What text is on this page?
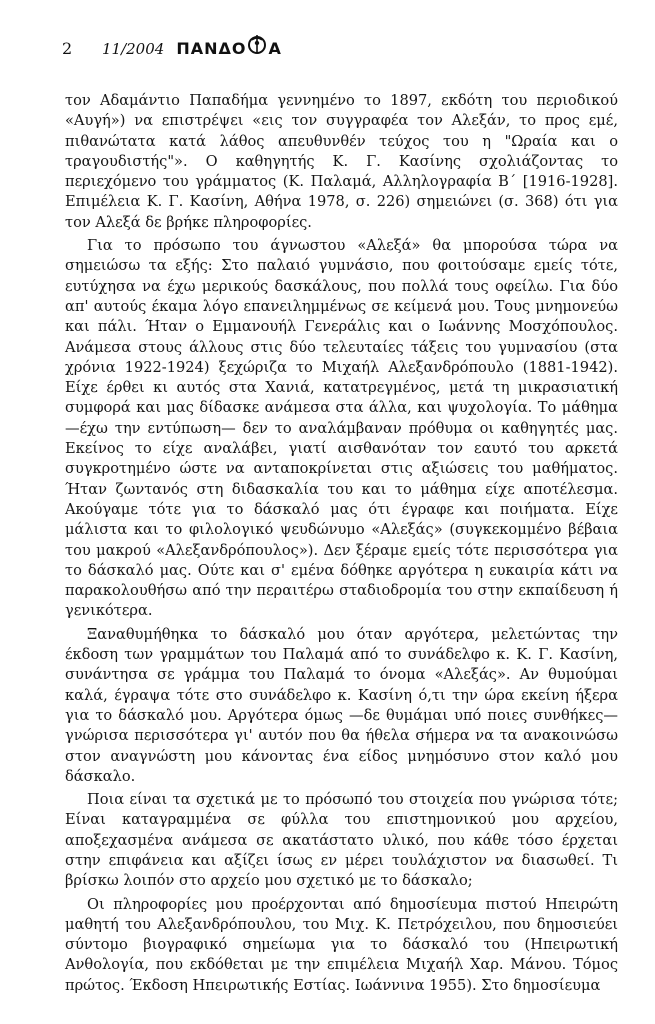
2	11/2004 ΠΑΝΔΟ Α

τον Αδαμάντιο Παπαδήμα γεννημένο το 1897, εκδότη του περιοδικού «Αυγή») να επιστρέψει «εις τον συγγραφέα τον Αλεξάν, το προς εμέ, πιθανώτατα κατά λάθος απευθυνθέν τεύχος του η "Ωραία και ο τραγουδιστής"». Ο καθηγητής Κ. Γ. Κασίνης σχολιάζοντας το περιεχόμενο του γράμματος (Κ. Παλαμά, Αλληλογραφία Β΄ [1916-1928]. Επιμέλεια Κ. Γ. Κασίνη, Αθήνα 1978, σ. 226) σημειώνει (σ. 368) ότι για τον Αλεξά δε βρήκε πληροφορίες.

Για το πρόσωπο του άγνωστου «Αλεξά» θα μπορούσα τώρα να σημειώσω τα εξής: Στο παλαιό γυμνάσιο, που φοιτούσαμε εμείς τότε, ευτύχησα να έχω μερικούς δασκάλους, που πολλά τους οφείλω. Για δύο απ' αυτούς έκαμα λόγο επανειλημμένως σε κείμενά μου. Τους μνημονεύω και πάλι. Ήταν ο Εμμανουήλ Γενεράλις και ο Ιωάννης Μοσχόπουλος. Ανάμεσα στους άλλους στις δύο τελευταίες τάξεις του γυμνασίου (στα χρόνια 1922-1924) ξεχώριζα το Μιχαήλ Αλεξανδρόπουλο (1881-1942). Είχε έρθει κι αυτός στα Χανιά, κατατρεγμένος, μετά τη μικρασιατική συμφορά και μας δίδασκε ανάμεσα στα άλλα, και ψυχολογία. Το μάθημα —έχω την εντύπωση— δεν το αναλάμβαναν πρόθυμα οι καθηγητές μας. Εκείνος το είχε αναλάβει, γιατί αισθανόταν τον εαυτό του αρκετά συγκροτημένο ώστε να ανταποκρίνεται στις αξιώσεις του μαθήματος. Ήταν ζωντανός στη διδασκαλία του και το μάθημα είχε αποτέλεσμα. Ακούγαμε τότε για το δάσκαλό μας ότι έγραφε και ποιήματα. Είχε μάλιστα και το φιλολογικό ψευδώνυμο «Αλεξάς» (συγκεκομμένο βέβαια του μακρού «Αλεξανδρόπουλος»). Δεν ξέραμε εμείς τότε περισσότερα για το δάσκαλό μας. Ούτε και σ' εμένα δόθηκε αργότερα η ευκαιρία κάτι να παρακολουθήσω από την περαιτέρω σταδιοδρομία του στην εκπαίδευση ή γενικότερα.

Ξαναθυμήθηκα το δάσκαλό μου όταν αργότερα, μελετώντας την έκδοση των γραμμάτων του Παλαμά από το συνάδελφο κ. Κ. Γ. Κασίνη, συνάντησα σε γράμμα του Παλαμά το όνομα «Αλεξάς». Αν θυμούμαι καλά, έγραψα τότε στο συνάδελφο κ. Κασίνη ό,τι την ώρα εκείνη ήξερα για το δάσκαλό μου. Αργότερα όμως —δε θυμάμαι υπό ποιες συνθήκες— γνώρισα περισσότερα γι' αυτόν που θα ήθελα σήμερα να τα ανακοινώσω στον αναγνώστη μου κάνοντας ένα είδος μνημόσυνο στον καλό μου δάσκαλο.

Ποια είναι τα σχετικά με το πρόσωπό του στοιχεία που γνώρισα τότε; Είναι καταγραμμένα σε φύλλα του επιστημονικού μου αρχείου, αποξεχασμένα ανάμεσα σε ακατάστατο υλικό, που κάθε τόσο έρχεται στην επιφάνεια και αξίζει ίσως εν μέρει τουλάχιστον να διασωθεί. Τι βρίσκω λοιπόν στο αρχείο μου σχετικό με το δάσκαλο;

Οι πληροφορίες μου προέρχονται από δημοσίευμα πιστού Ηπειρώτη μαθητή του Αλεξανδρόπουλου, του Μιχ. Κ. Πετρόχειλου, που δημοσιεύει σύντομο βιογραφικό σημείωμα για το δάσκαλό του (Ηπειρωτική Ανθολογία, που εκδόθεται με την επιμέλεια Μιχαήλ Χαρ. Μάνου. Τόμος πρώτος. Έκδοση Ηπειρωτικής Εστίας. Ιωάννινα 1955). Στο δημοσίευμα
